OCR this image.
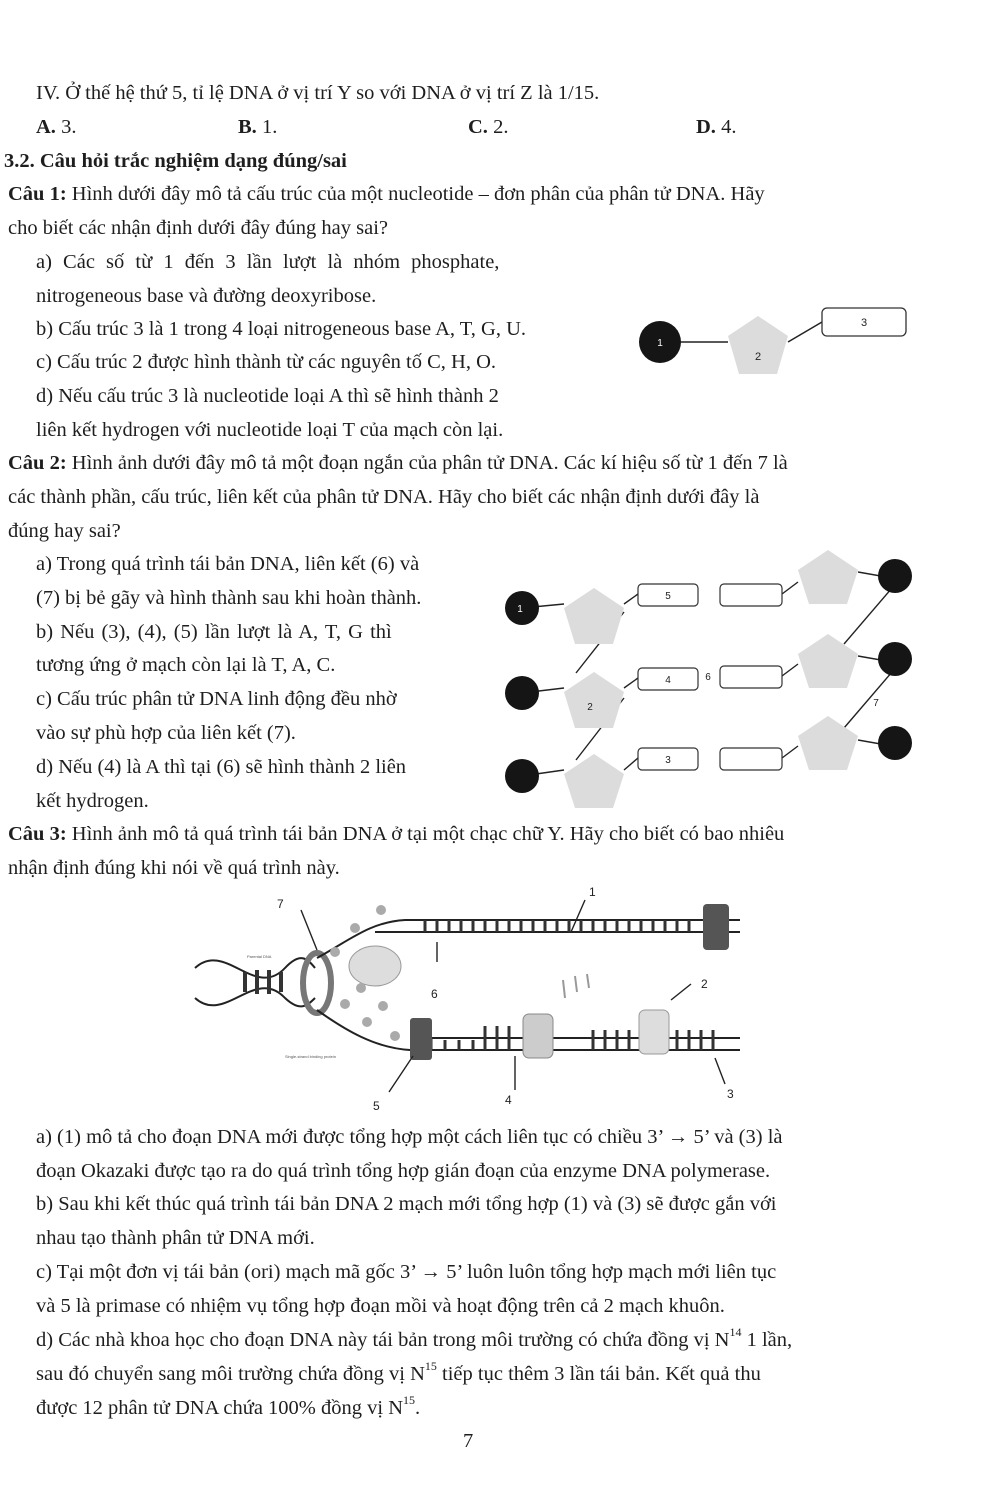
IV. Ở thế hệ thứ 5, tỉ lệ DNA ở vị trí Y so với DNA ở vị trí Z là 1/15.
A. 3.	B. 1.	C. 2.	D. 4.
3.2. Câu hỏi trắc nghiệm dạng đúng/sai
Câu 1: Hình dưới đây mô tả cấu trúc của một nucleotide – đơn phân của phân tử DNA. Hãy
cho biết các nhận định dưới đây đúng hay sai?
a) Các số từ 1 đến 3 lần lượt là nhóm phosphate,
nitrogeneous base và đường deoxyribose.
b) Cấu trúc 3 là 1 trong 4 loại nitrogeneous base A, T, G, U.
c) Cấu trúc 2 được hình thành từ các nguyên tố C, H, O.
d) Nếu cấu trúc 3 là nucleotide loại A thì sẽ hình thành 2
liên kết hydrogen với nucleotide loại T của mạch còn lại.
1
2
3
Câu 2: Hình ảnh dưới đây mô tả một đoạn ngắn của phân tử DNA. Các kí hiệu số từ 1 đến 7 là
các thành phần, cấu trúc, liên kết của phân tử DNA. Hãy cho biết các nhận định dưới đây là
đúng hay sai?
a) Trong quá trình tái bản DNA, liên kết (6) và
(7) bị bẻ gãy và hình thành sau khi hoàn thành.
b) Nếu (3), (4), (5) lần lượt là A, T, G thì
tương ứng ở mạch còn lại là T, A, C.
c) Cấu trúc phân tử DNA linh động đều nhờ
vào sự phù hợp của liên kết (7).
d) Nếu (4) là A thì tại (6) sẽ hình thành 2 liên
kết hydrogen.
1
2
3
4
5
6
7
Câu 3: Hình ảnh mô tả quá trình tái bản DNA ở tại một chạc chữ Y. Hãy cho biết có bao nhiêu
nhận định đúng khi nói về quá trình này.
1
2
3
4
5
6
7
Parental DNA
Single-strand binding protein
a) (1) mô tả cho đoạn DNA mới được tổng hợp một cách liên tục có chiều 3’ → 5’ và (3) là
đoạn Okazaki được tạo ra do quá trình tổng hợp gián đoạn của enzyme DNA polymerase.
b) Sau khi kết thúc quá trình tái bản DNA 2 mạch mới tổng hợp (1) và (3) sẽ được gắn với
nhau tạo thành phân tử DNA mới.
c) Tại một đơn vị tái bản (ori) mạch mã gốc 3’ → 5’ luôn luôn tổng hợp mạch mới liên tục
và 5 là primase có nhiệm vụ tổng hợp đoạn mồi và hoạt động trên cả 2 mạch khuôn.
d) Các nhà khoa học cho đoạn DNA này tái bản trong môi trường có chứa đồng vị $N^{14}$ 1 lần,
sau đó chuyển sang môi trường chứa đồng vị $N^{15}$ tiếp tục thêm 3 lần tái bản. Kết quả thu
được 12 phân tử DNA chứa 100% đồng vị $N^{15}$.
7
